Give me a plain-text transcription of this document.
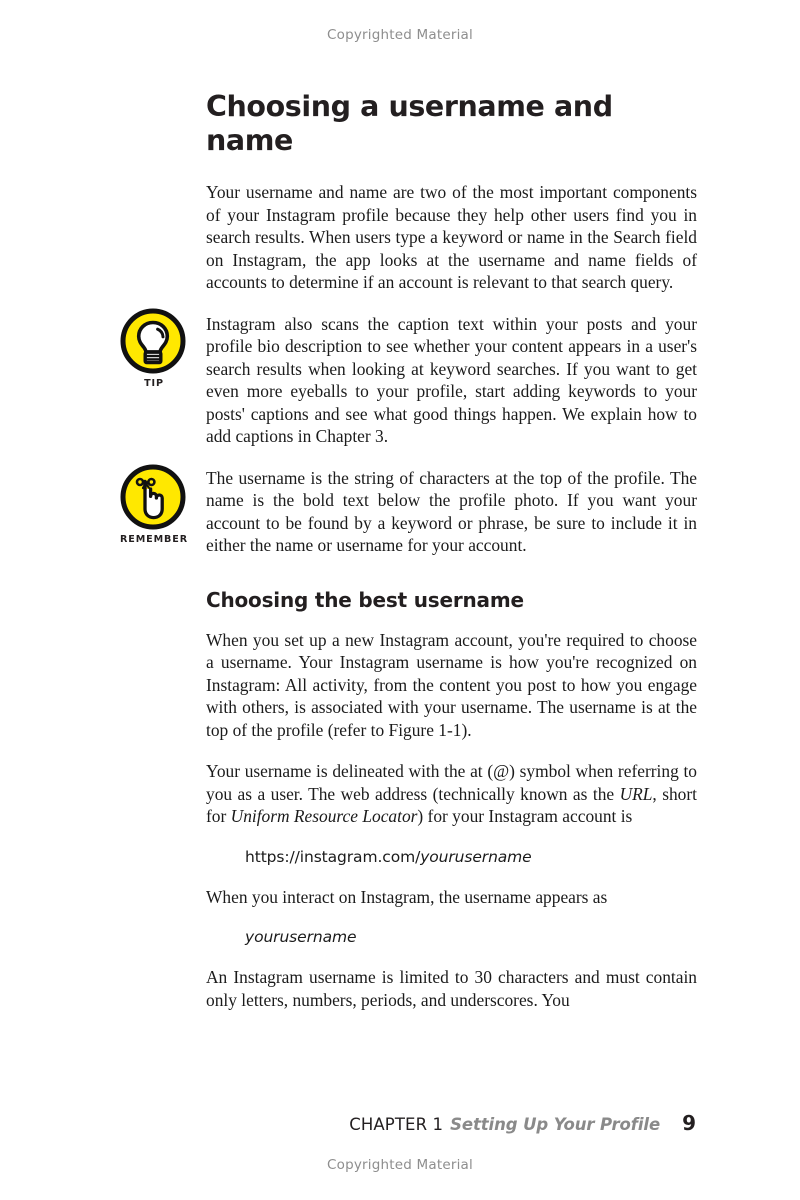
Copyrighted Material
TIP
REMEMBER
Choosing a username and name

Your username and name are two of the most important components of your Instagram profile because they help other users find you in search results. When users type a keyword or name in the Search field on Instagram, the app looks at the username and name fields of accounts to determine if an account is relevant to that search query.

Instagram also scans the caption text within your posts and your profile bio description to see whether your content appears in a user's search results when looking at keyword searches. If you want to get even more eyeballs to your profile, start adding keywords to your posts' captions and see what good things happen. We explain how to add captions in Chapter 3.

The username is the string of characters at the top of the profile. The name is the bold text below the profile photo. If you want your account to be found by a keyword or phrase, be sure to include it in either the name or username for your account.

Choosing the best username

When you set up a new Instagram account, you're required to choose a username. Your Instagram username is how you're recognized on Instagram: All activity, from the content you post to how you engage with others, is associated with your username. The username is at the top of the profile (refer to Figure 1-1).

Your username is delineated with the at (@) symbol when referring to you as a user. The web address (technically known as the URL, short for Uniform Resource Locator) for your Instagram account is

https://instagram.com/yourusername

When you interact on Instagram, the username appears as

yourusername

An Instagram username is limited to 30 characters and must contain only letters, numbers, periods, and underscores. You

CHAPTER 1 Setting Up Your Profile 9
Copyrighted Material
